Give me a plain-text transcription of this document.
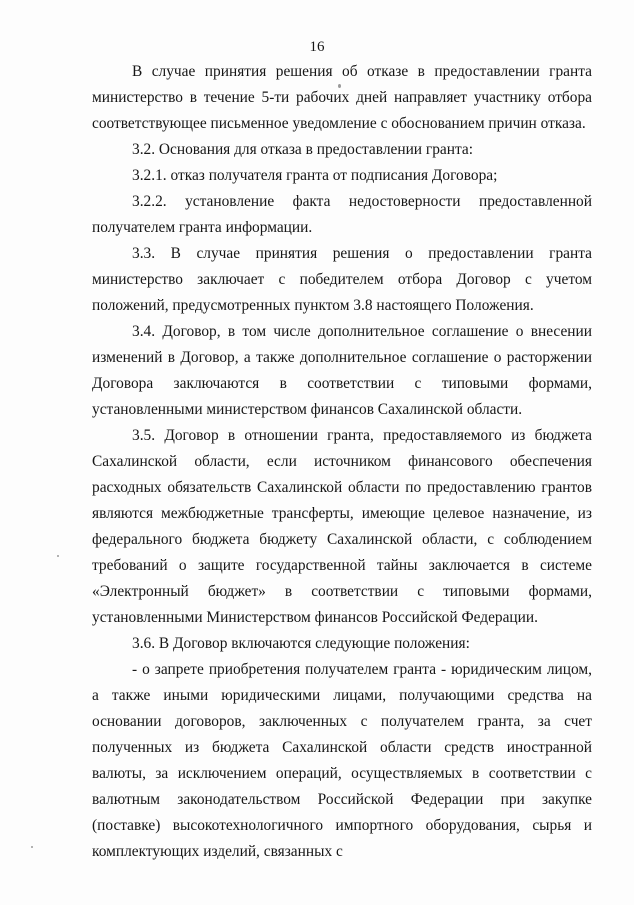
16

В случае принятия решения об отказе в предоставлении гранта министерство в течение 5-ти рабочих дней направляет участнику отбора соответствующее письменное уведомление с обоснованием причин отказа.

3.2. Основания для отказа в предоставлении гранта:

3.2.1. отказ получателя гранта от подписания Договора;

3.2.2. установление факта недостоверности предоставленной получателем гранта информации.

3.3. В случае принятия решения о предоставлении гранта министерство заключает с победителем отбора Договор с учетом положений, предусмотренных пунктом 3.8 настоящего Положения.

3.4. Договор, в том числе дополнительное соглашение о внесении изменений в Договор, а также дополнительное соглашение о расторжении Договора заключаются в соответствии с типовыми формами, установленными министерством финансов Сахалинской области.

3.5. Договор в отношении гранта, предоставляемого из бюджета Сахалинской области, если источником финансового обеспечения расходных обязательств Сахалинской области по предоставлению грантов являются межбюджетные трансферты, имеющие целевое назначение, из федерального бюджета бюджету Сахалинской области, с соблюдением требований о защите государственной тайны заключается в системе «Электронный бюджет» в соответствии с типовыми формами, установленными Министерством финансов Российской Федерации.

3.6. В Договор включаются следующие положения:

- о запрете приобретения получателем гранта - юридическим лицом, а также иными юридическими лицами, получающими средства на основании договоров, заключенных с получателем гранта, за счет полученных из бюджета Сахалинской области средств иностранной валюты, за исключением операций, осуществляемых в соответствии с валютным законодательством Российской Федерации при закупке (поставке) высокотехнологичного импортного оборудования, сырья и комплектующих изделий, связанных с
